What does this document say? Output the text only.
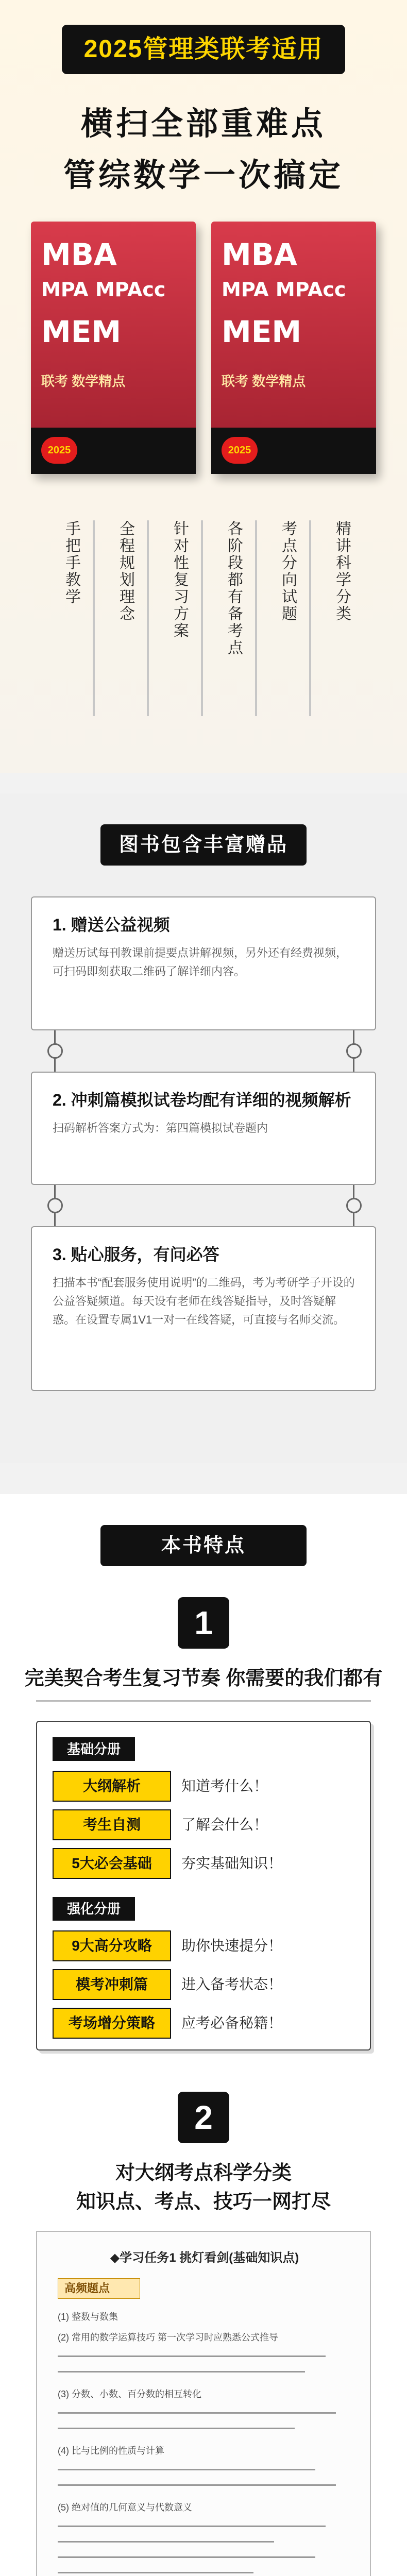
2025管理类联考适用
横扫全部重难点
管综数学一次搞定
MBA
MPA MPAcc
MEM
联考 数学精点
2025
MBA
MPA MPAcc
MEM
联考 数学精点
2025
手把手教学 全程规划理念 针对性复习方案 各阶段都有备考点 考点分向试题 精讲科学分类
图书包含丰富赠品
1. 赠送公益视频
赠送历试每刊教课前提要点讲解视频，另外还有经费视频，可扫码即刻获取二维码了解详细内容。
2. 冲刺篇模拟试卷均配有详细的视频解析
扫码解析答案方式为：第四篇模拟试卷题内
3. 贴心服务，有问必答
扫描本书“配套服务使用说明”的二维码，考为考研学子开设的公益答疑频道。每天设有老师在线答疑指导，及时答疑解惑。在设置专属1V1一对一在线答疑，可直接与名师交流。
本书特点
1
完美契合考生复习节奏 你需要的我们都有
基础分册
大纲解析	知道考什么！
考生自测	了解会什么！
5大必会基础	夯实基础知识！
强化分册
9大高分攻略	助你快速提分！
模考冲刺篇	进入备考状态！
考场增分策略	应考必备秘籍！
2
对大纲考点科学分类
知识点、考点、技巧一网打尽
◆学习任务1 挑灯看剑(基础知识点)
高频题点
(1) 整数与数集
(2) 常用的数学运算技巧 第一次学习时应熟悉公式推导
(3) 分数、小数、百分数的相互转化
(4) 比与比例的性质与计算
(5) 绝对值的几何意义与代数意义
